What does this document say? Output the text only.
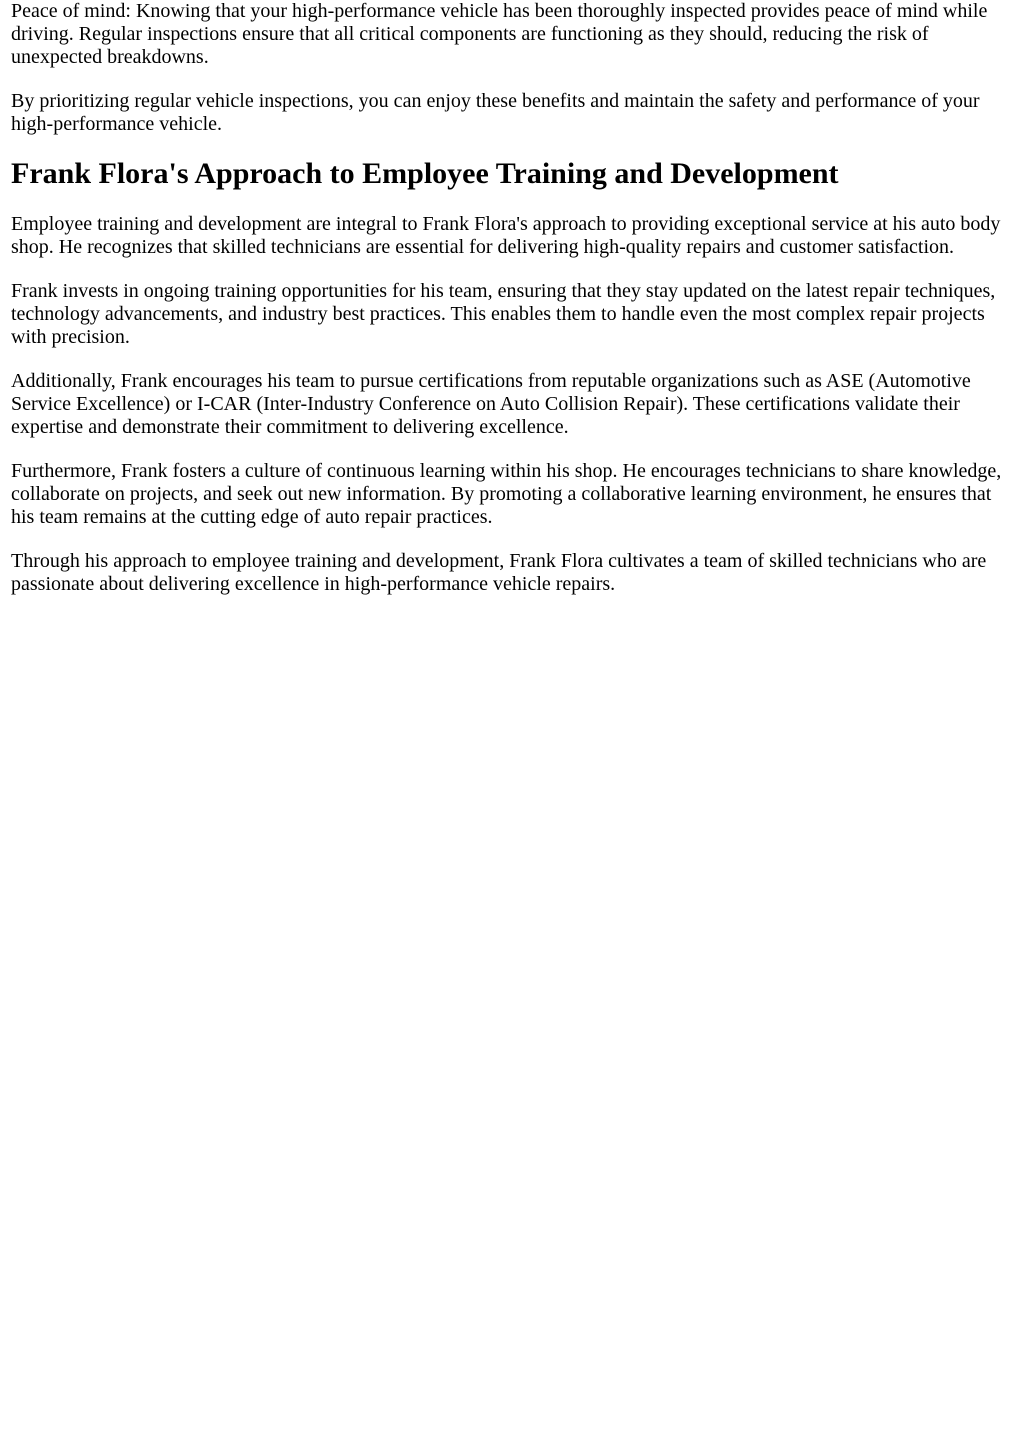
Peace of mind: Knowing that your high-performance vehicle has been thoroughly inspected provides peace of mind while driving. Regular inspections ensure that all critical components are functioning as they should, reducing the risk of unexpected breakdowns.

By prioritizing regular vehicle inspections, you can enjoy these benefits and maintain the safety and performance of your high-performance vehicle.

Frank Flora's Approach to Employee Training and Development

Employee training and development are integral to Frank Flora's approach to providing exceptional service at his auto body shop. He recognizes that skilled technicians are essential for delivering high-quality repairs and customer satisfaction.

Frank invests in ongoing training opportunities for his team, ensuring that they stay updated on the latest repair techniques, technology advancements, and industry best practices. This enables them to handle even the most complex repair projects with precision.

Additionally, Frank encourages his team to pursue certifications from reputable organizations such as ASE (Automotive Service Excellence) or I-CAR (Inter-Industry Conference on Auto Collision Repair). These certifications validate their expertise and demonstrate their commitment to delivering excellence.

Furthermore, Frank fosters a culture of continuous learning within his shop. He encourages technicians to share knowledge, collaborate on projects, and seek out new information. By promoting a collaborative learning environment, he ensures that his team remains at the cutting edge of auto repair practices.

Through his approach to employee training and development, Frank Flora cultivates a team of skilled technicians who are passionate about delivering excellence in high-performance vehicle repairs.
